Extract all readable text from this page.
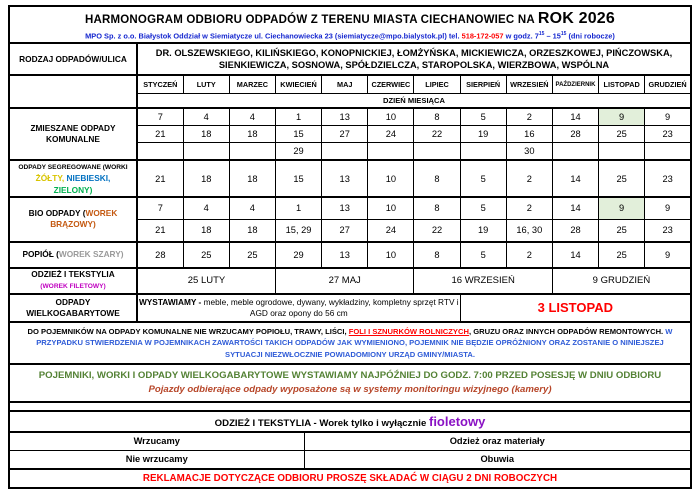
HARMONOGRAM ODBIORU ODPADÓW Z TERENU MIASTA CIECHANOWIEC NA ROK 2026
MPO Sp. z o.o. Białystok Oddział w Siemiatycze ul. Ciechanowiecka 23 (siemiatycze@mpo.bialystok.pl) tel. 518-172-057 w godz. $7^{15} - 15^{15}$ (dni robocze)
RODZAJ ODPADÓW/ULICA	DR. OLSZEWSKIEGO, KILIŃSKIEGO, KONOPNICKIEJ, ŁOMŻYŃSKA, MICKIEWICZA, ORZESZKOWEJ, PIŃCZOWSKA, SIENKIEWICZA, SOSNOWA, SPÓŁDZIELCZA, STAROPOLSKA, WIERZBOWA, WSPÓLNA											
	STYCZEŃ	LUTY	MARZEC	KWIECIEŃ	MAJ	CZERWIEC	LIPIEC	SIERPIEŃ	WRZESIEŃ	PAŹDZIERNIK	LISTOPAD	GRUDZIEŃ
	DZIEŃ MIESIĄCA											
ZMIESZANE ODPADY KOMUNALNE	7	4	4	1	13	10	8	5	2	14	9	9
	21	18	18	15	27	24	22	19	16	28	25	23
				29					30			
ODPADY SEGREGOWANE (WORKI
ŻÓŁTY, NIEBIESKI,
ZIELONY)	21	18	18	15	13	10	8	5	2	14	25	23
BIO ODPADY (WOREK BRĄZOWY)	7	4	4	1	13	10	8	5	2	14	9	9
	21	18	18	15, 29	27	24	22	19	16, 30	28	25	23
POPIÓŁ (WOREK SZARY)	28	25	25	29	13	10	8	5	2	14	25	9
ODZIEŻ I TEKSTYLIA
(WOREK FILETOWY)	25 LUTY			27 MAJ			16 WRZESIEŃ			9 GRUDZIEŃ		
ODPADY WIELKOGABARYTOWE	WYSTAWIAMY - meble, meble ogrodowe, dywany, wykładziny, kompletny sprzęt RTV i AGD oraz opony do 56 cm							3 LISTOPAD				
DO POJEMNIKÓW NA ODPADY KOMUNALNE NIE WRZUCAMY POPIOŁU, TRAWY, LIŚCI, FOLI I SZNURKÓW ROLNICZYCH, GRUZU ORAZ INNYCH ODPADÓW REMONTOWYCH. W PRZYPADKU STWIERDZENIA W POJEMNIKACH ZAWARTOŚCI TAKICH ODPADÓW JAK WYMIENIONO, POJEMNIK NIE BĘDZIE OPRÓŻNIONY ORAZ ZOSTANIE O NINIEJSZEJ SYTUACJI NIEZWŁOCZNIE POWIADOMIONY URZĄD GMINY/MIASTA.
POJEMNIKI, WORKI I ODPADY WIELKOGABARYTOWE WYSTAWIAMY NAJPÓŹNIEJ DO GODZ. 7:00 PRZED POSESJĘ W DNIU ODBIORU Pojazdy odbierające odpady wyposażone są w systemy monitoringu wizyjnego (kamery)
ODZIEŻ I TEKSTYLIA - Worek tylko i wyłącznie fioletowy	
Wrzucamy	Odzież oraz materiały
Nie wrzucamy	Obuwia
REKLAMACJE DOTYCZĄCE ODBIORU PROSZĘ SKŁADAĆ W CIĄGU 2 DNI ROBOCZYCH
